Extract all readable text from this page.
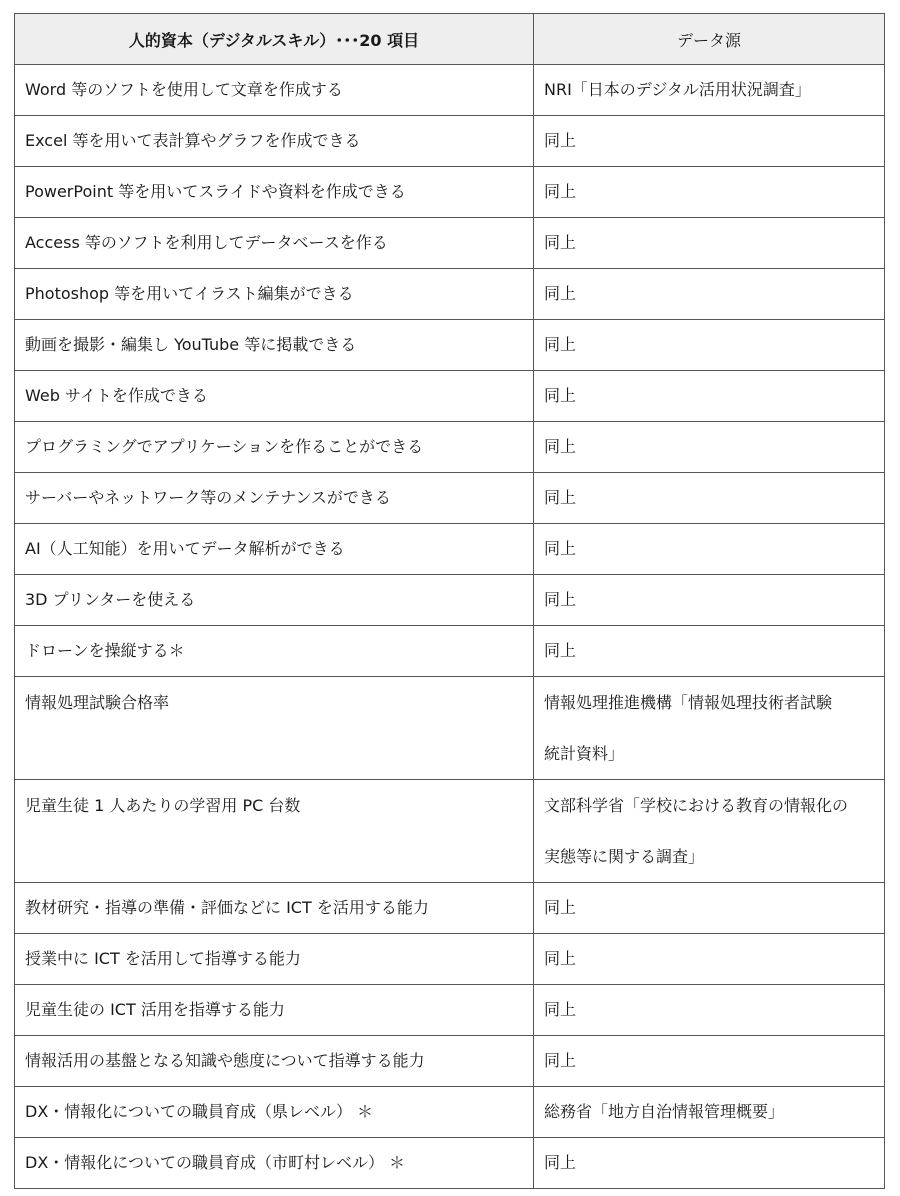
人的資本（デジタルスキル）･･･20 項目	データ源
Word 等のソフトを使用して文章を作成する	NRI「日本のデジタル活用状況調査」
Excel 等を用いて表計算やグラフを作成できる	同上
PowerPoint 等を用いてスライドや資料を作成できる	同上
Access 等のソフトを利用してデータベースを作る	同上
Photoshop 等を用いてイラスト編集ができる	同上
動画を撮影・編集し YouTube 等に掲載できる	同上
Web サイトを作成できる	同上
プログラミングでアプリケーションを作ることができる	同上
サーバーやネットワーク等のメンテナンスができる	同上
AI（人工知能）を用いてデータ解析ができる	同上
3D プリンターを使える	同上
ドローンを操縦する＊	同上

情報処理試験合格率	情報処理推進機構「情報処理技術者試験
統計資料」

児童生徒 1 人あたりの学習用 PC 台数	文部科学省「学校における教育の情報化の
実態等に関する調査」

教材研究・指導の準備・評価などに ICT を活用する能力	同上
授業中に ICT を活用して指導する能力	同上
児童生徒の ICT 活用を指導する能力	同上
情報活用の基盤となる知識や態度について指導する能力	同上
DX・情報化についての職員育成（県レベル） ＊	総務省「地方自治情報管理概要」
DX・情報化についての職員育成（市町村レベル） ＊	同上
